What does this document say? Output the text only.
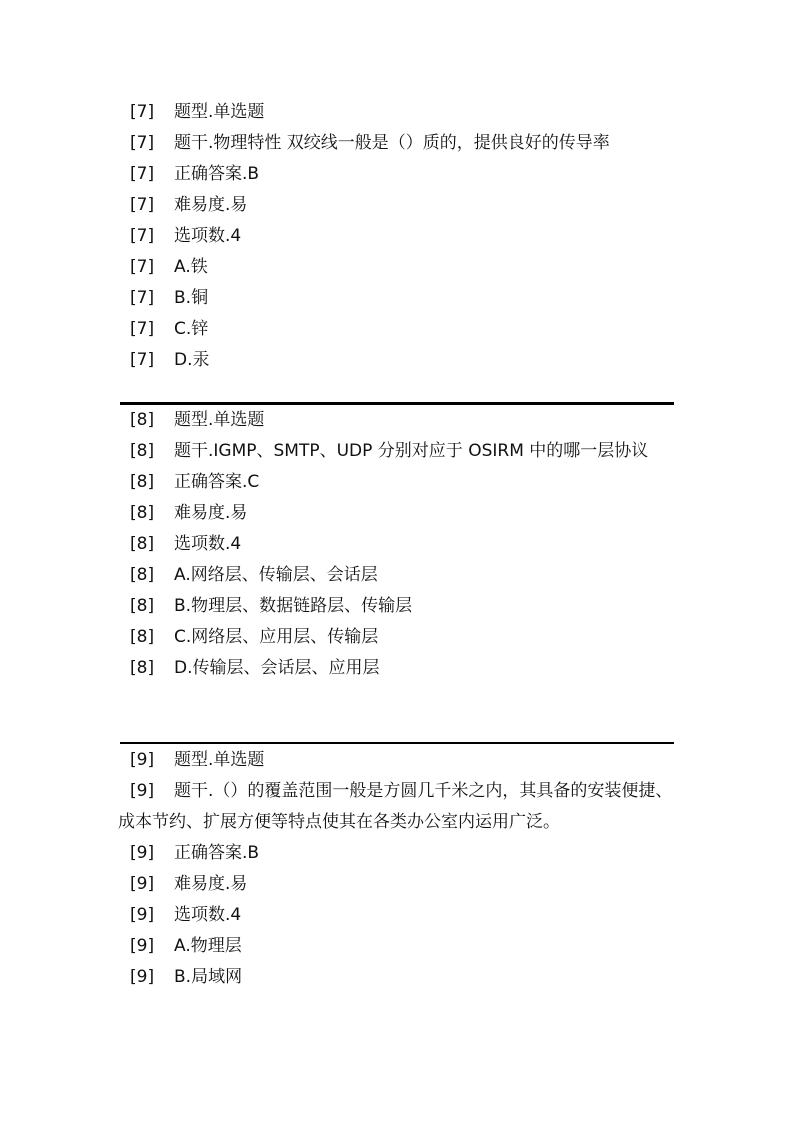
[7] 题型.单选题
[7] 题干.物理特性 双绞线一般是（）质的，提供良好的传导率
[7] 正确答案.B
[7] 难易度.易
[7] 选项数.4
[7] A.铁
[7] B.铜
[7] C.锌
[7] D.汞
[8] 题型.单选题
[8] 题干.IGMP、SMTP、UDP 分别对应于 OSIRM 中的哪一层协议
[8] 正确答案.C
[8] 难易度.易
[8] 选项数.4
[8] A.网络层、传输层、会话层
[8] B.物理层、数据链路层、传输层
[8] C.网络层、应用层、传输层
[8] D.传输层、会话层、应用层
[9] 题型.单选题
[9] 题干.（）的覆盖范围一般是方圆几千米之内，其具备的安装便捷、成本节约、扩展方便等特点使其在各类办公室内运用广泛。
[9] 正确答案.B
[9] 难易度.易
[9] 选项数.4
[9] A.物理层
[9] B.局域网
